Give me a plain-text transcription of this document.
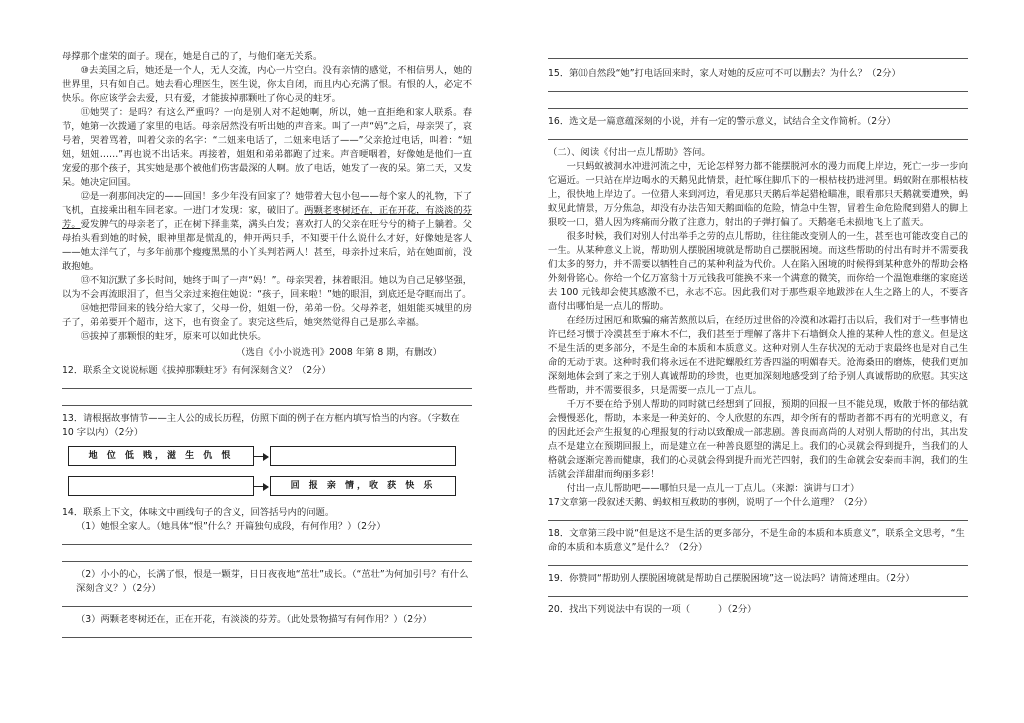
母撑那个虚荣的面子。现在，她是自己的了，与他们毫无关系。

⑩去美国之后，她还是一个人，无人交流，内心一片空白。没有亲情的感觉，不相信男人，她的世界里，只有如自己。她去看心理医生，医生说，你太自闭，而且内心充满了恨。有恨的人，必定不快乐。你应该学会去爱，只有爱，才能拔掉那颗吐了你心灵的蛀牙。

⑪她哭了：是吗？有这么严重吗？一向是别人对不起她啊，所以，她一直拒绝和家人联系。春节，她第一次拨通了家里的电话。母亲居然没有听出她的声音来。叫了一声“妈”之后，母亲哭了，哀号着，哭着骂着，叫着父亲的名字：“二妞来电话了，二妞来电话了——”父亲抢过电话，叫着：“妞妞，妞妞……”再也说不出话来。再接着，姐姐和弟弟都跑了过来。声音哽咽着，好像她是他们一直宠爱的那个孩子，其实她是那个被他们伤害最深的人啊。放了电话，她发了一夜的呆。第二天，又发呆。她决定回国。

⑫是一刹那间决定的——回国！多少年没有回家了？她带着大包小包——每个家人的礼物，下了飞机，直接乘出租车回老家。一进门才发现：家，破旧了。两颗老枣树还在，正在开花，有淡淡的芬芳。爱发脾气的母亲老了，正在树下择韭菜，满头白发；喜欢打人的父亲在旺兮兮的椅子上躺着。父母抬头看到她的时候，眼神里都是慌乱的，伸开两只手，不知要干什么说什么才好，好像她是客人——她太洋气了，与多年前那个瘦瘦黑黑的小丫头判若两人！甚至，母亲扑过来后，站在她面前，没敢抱她。

⑬不知沉默了多长时间，她终于叫了一声“妈！”。母亲哭着，抹着眼泪。她以为自己足够坚强，以为不会再流眼泪了，但当父亲过来抱住她说：“孩子，回来啦！”她的眼泪，到底还是夺眶而出了。

⑭她把带回来的钱分给大家了，父母一份，姐姐一份，弟弟一份。父母养老，姐姐能买城里的房子了，弟弟要开个超市，这下，也有资金了。衷完这些后，她突然觉得自己是那么幸福。

⑮拔掉了那颗恨的蛀牙，原来可以如此快乐。

（选自《小小说选刊》2008 年第 8 期，有删改）

12．联系全文说说标题《拔掉那颗蛀牙》有何深刻含义？（2分）

13．请根据故事情节——主人公的成长历程，仿照下面的例子在方框内填写恰当的内容。（字数在 10 字以内）（2分）

地 位 低 贱，滋 生 仇 恨
回 报 亲 情，收 获 快 乐

14．联系上下文，体味文中画线句子的含义，回答括号内的问题。

（1）她恨全家人。（她具体“恨”什么？开篇独句成段，有何作用？）（2分）

（2）小小的心，长满了恨，恨是一颗芽，日日夜夜地“茁壮”成长。（“茁壮”为何加引号？有什么深刻含义？）（2分）

（3）两颗老枣树还在，正在开花，有淡淡的芬芳。（此处景物描写有何作用？）（2分）

15．第⑾自然段“她”打电话回来时，家人对她的反应可不可以删去？为什么？（2分）

16．选文是一篇意蕴深刻的小说，并有一定的警示意义，试结合全文作简析。（2分）

（二）、阅读《付出一点儿帮助》答问。

一只蚂蚁被洞水冲进河流之中，无论怎样努力都不能摆脱河水的漫力而爬上岸边，死亡一步一步向它逼近。一只站在岸边喝水的天鹅见此情景，赶忙啄住脚爪下的一根枯枝扔进河里。蚂蚁附在那根枯枝上，很快地上岸边了。一位猎人来到河边，看见那只天鹅后举起猎枪瞄准，眼看那只天鹅就要遭殃，蚂蚁见此情景，万分焦急，却没有办法告知天鹅面临的危险，情急中生智，冒着生命危险爬到猎人的脚上狠咬一口，猎人因为疼痛而分散了注意力，射出的子弹打偏了。天鹅毫毛未损地飞上了蓝天。

很多时候，我们对别人付出举手之劳的点儿帮助，往往能改变别人的一生，甚至也可能改变自己的一生。从某种意义上说，帮助别人摆脱困境就是帮助自己摆脱困境。而这些帮助的付出有时并不需要我们太多的努力，并不需要以牺牲自己的某种利益为代价。人在陷入困境的时候得到某种意外的帮助会格外刻骨铭心。你给一个亿万富翁十万元钱我可能换不来一个满意的微笑，而你给一个温饱难继的家庭送去 100 元钱却会使其感激不已，永志不忘。因此我们对于那些艰辛地跋涉在人生之路上的人，不要吝啬付出哪怕是一点儿的帮助。

在经历过困厄和欺骗的痛苦熬煎以后，在经历过世俗的冷漠和冰霜打击以后，我们对于一些事情也许已经习惯于冷漠甚至于麻木不仁，我们甚至于理解了落井下石墙倒众人推的某种人性的意义。但是这不是生活的更多部分，不是生命的本质和本质意义。这种对别人生存状况的无动于衷最终也是对自己生命的无动于衷。这种时我们将永远在不进陀螺般红芳香四溢的明媚春天。沧海桑田的磨炼，使我们更加深刻地体会到了来之于别人真诚帮助的珍贵，也更加深刻地感受到了给予别人真诚帮助的欣慰。其实这些帮助，并不需要很多，只是需要一点儿一丁点儿。

千万不要在给予别人帮助的同时就已经想到了回报，预期的回报一旦不能兑现，败散于怀的郁结就会慢慢恶化，帮助，本来是一种美好的、令人欣慰的东西，却令所有的帮助者都不再有的光明意义，有的因此还会产生报复的心理报复的行动以致酿成一部悲剧。善良而高尚的人对别人帮助的付出，其出发点不是建立在预期回报上，而是建立在一种善良愿望的满足上。我们的心灵就会得到提升，当我们的人格就会逐渐完善而健康，我们的心灵就会得到提升而光芒四射，我们的生命就会安泰而丰润，我们的生活就会洋甜甜而绚丽多彩！

付出一点儿帮助吧——哪怕只是一点儿一丁点儿。（来源：演讲与口才）

17文章第一段叙述天鹅、蚂蚁相互救助的事例，说明了一个什么道理？（2分）

18．文章第三段中说“但是这不是生活的更多部分，不是生命的本质和本质意义”，联系全文思考，“生命的本质和本质意义”是什么？（2分）

19．你赞同“帮助别人摆脱困境就是帮助自己摆脱困境”这一说法吗？请简述理由。（2分）

20．找出下列说法中有误的一项（	）（2分）
